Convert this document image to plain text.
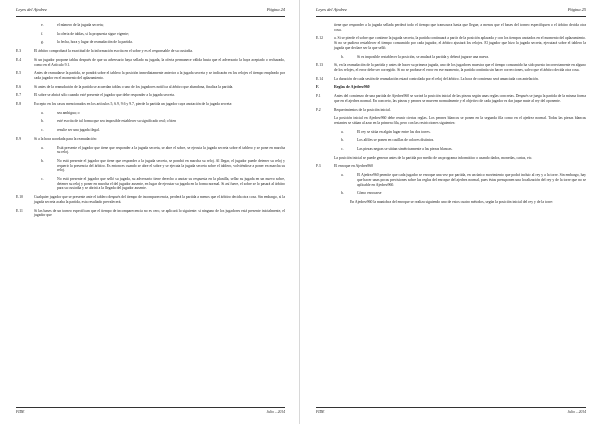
Leyes del Ajedrez	Página 24
e.	el número de la jugada secreta;
f.	la oferta de tablas, si la propuesta sigue vigente;
g.	la fecha, hora y lugar de reanudación de la partida.
E.3	El árbitro comprobará la exactitud de la información escrita en el sobre y es el responsable de su custodia.
E.4	Si un jugador propone tablas después de que su adversario haya sellado su jugada, la oferta permanece válida hasta que el adversario la haya aceptado o rechazado, como en el Artículo 9.1.
E.5	Antes de reanudarse la partida, se pondrá sobre el tablero la posición inmediatamente anterior a la jugada secreta y se indicarán en los relojes el tiempo empleado por cada jugador en el momento del aplazamiento.
E.6	Si antes de la reanudación de la partida se acuerdan tablas o uno de los jugadores notifica al árbitro que abandona, finaliza la partida.
E.7	El sobre se abrirá sólo cuando esté presente el jugador que debe responder a la jugada secreta.
E.8	Excepto en los casos mencionados en los artículos 5, 6.9, 9.6 y 9.7, pierde la partida un jugador cuya anotación de la jugada secreta:
a.	sea ambigua; o
b.	esté escrita de tal forma que sea imposible establecer su significado real; o bien
c.	resulte ser una jugada ilegal.
E.9	Si a la hora acordada para la reanudación:
a.	Está presente el jugador que tiene que responder a la jugada secreta, se abre el sobre, se ejecuta la jugada secreta sobre el tablero y se pone en marcha su reloj.
b.	No está presente el jugador que tiene que responder a la jugada secreta, se pondrá en marcha su reloj. Al llegar, el jugador puede detener su reloj y requerir la presencia del árbitro. Es entonces cuando se abre el sobre y se ejecuta la jugada secreta sobre el tablero, volviéndose a poner en marcha su reloj.
c.	No está presente el jugador que selló su jugada, su adversario tiene derecho a anotar su respuesta en la planilla, sellar su jugada en un nuevo sobre, detener su reloj y poner en marcha el del jugador ausente, en lugar de ejecutar su jugada en la forma normal. Si así fuere, el sobre se lo pasará al árbitro para su custodia y se abrirá a la llegada del jugador ausente.
E.10	Cualquier jugador que se presente ante el tablero después del tiempo de incomparecencia, perderá la partida a menos que el árbitro decida otra cosa. Sin embargo, si la jugada secreta acaba la partida, esta resultado prevalecerá.
E.11	Si las bases de un torneo especifican que el tiempo de incomparecencia no es cero, se aplicará lo siguiente: si ninguno de los jugadores está presente inicialmente, el jugador que
FIDE	Julio – 2014
Leyes del Ajedrez	Página 25
tiene que responder a la jugada sellada perderá todo el tiempo que transcurra hasta que llegue, a menos que el bases del torneo especifiquen o el árbitro decida otra cosa.
E.12	a. Si se pierde el sobre que contiene la jugada secreta, la partida continuará a partir de la posición aplazada y con los tiempos anotados en el momento del aplazamiento. Si no se pudiera restablecer el tiempo consumido por cada jugador, el árbitro ajustará los relojes. El jugador que hizo la jugada secreta, ejecutará sobre el tablero la jugada que declare ser la que selló.
b.	Si es imposible restablecer la posición, se anulará la partida y deberá jugarse una nueva.
E.13	Si, en la reanudación de la partida y antes de hacer su primera jugada, uno de los jugadores muestra que el tiempo consumido ha sido puesto incorrectamente en alguno de los relojes, el error debe ser corregido. Si no se probase el error en ese momento, la partida continúa sin hacer correcciones, salvo que el árbitro decida otra cosa.
E.14	La duración de cada sesión de reanudación estará controlada por el reloj del árbitro. La hora de comienzo será anunciada con antelación.
F.	Reglas de Ajedrez960
F.1	Antes del comienzo de una partida de Ajedrez960 se sorteá la posición inicial de las piezas según unas reglas concretas. Después se juega la partida de la misma forma que en el ajedrez normal. En concreto, las piezas y peones se mueven normalmente y el objetivo de cada jugador es dar jaque mate al rey del oponente.
F.2	Requerimientos de la posición inicial.
La posición inicial en Ajedrez960 debe reunir ciertas reglas. Los peones blancos se ponen en la segunda fila como en el ajedrez normal. Todas las piezas blancas restantes se sitúan al azar en la primera fila, pero con las restricciones siguientes:
a.	El rey se sitúa en algún lugar entre las dos torres.
b.	Los alfiles se ponen en casillas de colores distintos.
c.	Las piezas negras se sitúan simétricamente a las piezas blancas.
La posición inicial se puede generar antes de la partida por medio de un programa informático o usando dados, monedas, cartas, etc.
F.3	El enroque en Ajedrez960
a.	El Ajedrez960 permite que cada jugador se enroque una vez por partida, en un único movimiento que podrá incluir al rey y a la torre. Sin embargo, hay que hacer unas pocas precisiones sobre las reglas del enroque del ajedrez normal, pues éstas presuponen una localización del rey y de la torre que no se aplicable en Ajedrez960.
b.	Cómo enrocarse
En Ajedrez960 la maniobra del enroque se realiza siguiendo uno de estos cuatro métodos, según la posición inicial del rey y de la torre:
FIDE	Julio – 2014
